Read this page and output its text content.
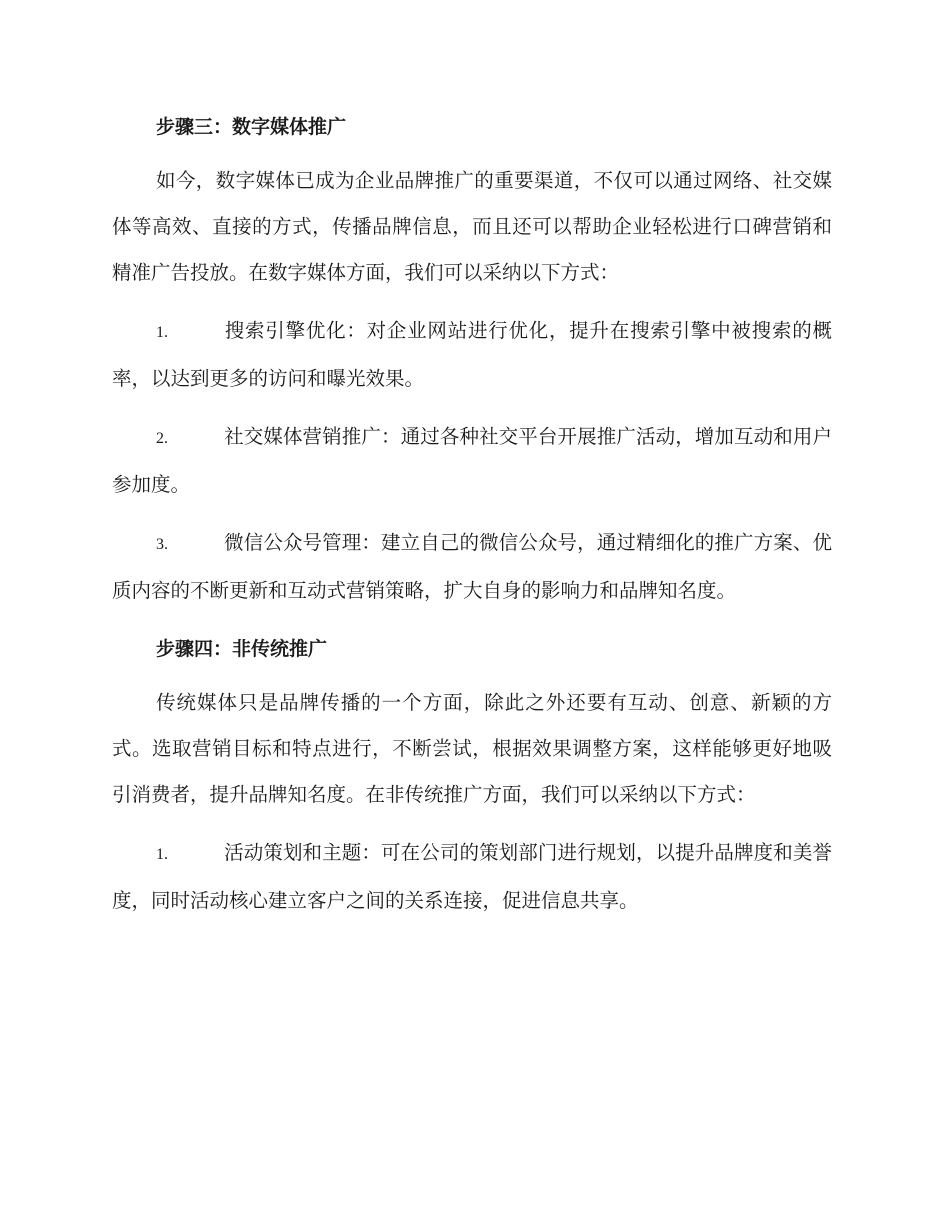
步骤三：数字媒体推广

如今，数字媒体已成为企业品牌推广的重要渠道，不仅可以通过网络、社交媒体等高效、直接的方式，传播品牌信息，而且还可以帮助企业轻松进行口碑营销和精准广告投放。在数字媒体方面，我们可以采纳以下方式：

1.	搜索引擎优化：对企业网站进行优化，提升在搜索引擎中被搜索的概率，以达到更多的访问和曝光效果。

2.	社交媒体营销推广：通过各种社交平台开展推广活动，增加互动和用户参加度。

3.	微信公众号管理：建立自己的微信公众号，通过精细化的推广方案、优质内容的不断更新和互动式营销策略，扩大自身的影响力和品牌知名度。

步骤四：非传统推广

传统媒体只是品牌传播的一个方面，除此之外还要有互动、创意、新颖的方式。选取营销目标和特点进行，不断尝试，根据效果调整方案，这样能够更好地吸引消费者，提升品牌知名度。在非传统推广方面，我们可以采纳以下方式：

1.	活动策划和主题：可在公司的策划部门进行规划，以提升品牌度和美誉度，同时活动核心建立客户之间的关系连接，促进信息共享。
